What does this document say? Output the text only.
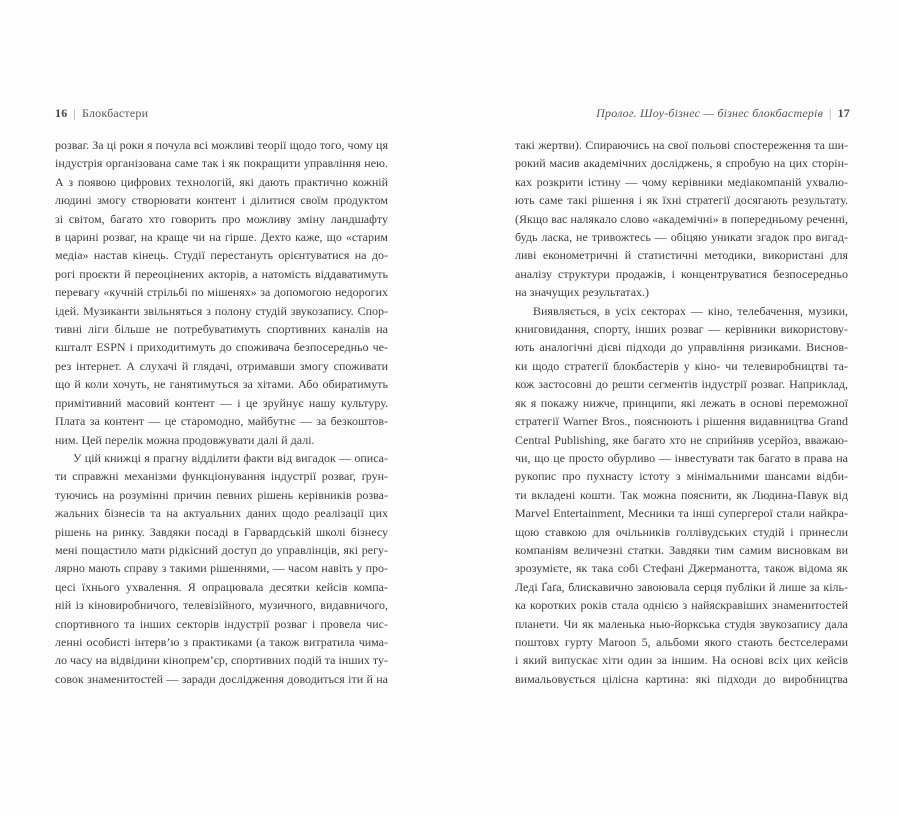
16 | Блокбастери	Пролог. Шоу-бізнес — бізнес блокбастерів | 17
розваг. За ці роки я почула всі можливі теорії щодо того, чому ця
індустрія організована саме так і як покращити управління нею.
А з появою цифрових технологій, які дають практично кожній
людині змогу створювати контент і ділитися своїм продуктом
зі світом, багато хто говорить про можливу зміну ландшафту
в царині розваг, на краще чи на гірше. Дехто каже, що «старим
медіа» настав кінець. Студії перестануть орієнтуватися на до-
рогі проєкти й переоцінених акторів, а натомість віддаватимуть
перевагу «кучній стрільбі по мішенях» за допомогою недорогих
ідей. Музиканти звільняться з полону студій звукозапису. Спор-
тивні ліги більше не потребуватимуть спортивних каналів на
кшталт ESPN і приходитимуть до споживача безпосередньо че-
рез інтернет. А слухачі й глядачі, отримавши змогу споживати
що й коли хочуть, не ганятимуться за хітами. Або обиратимуть
примітивний масовий контент — і це зруйнує нашу культуру.
Плата за контент — це старомодно, майбутнє — за безкоштов-
ним. Цей перелік можна продовжувати далі й далі.
У цій книжці я прагну відділити факти від вигадок — описа-
ти справжні механізми функціонування індустрії розваг, ґрун-
туючись на розумінні причин певних рішень керівників розва-
жальних бізнесів та на актуальних даних щодо реалізації цих
рішень на ринку. Завдяки посаді в Гарвардській школі бізнесу
мені пощастило мати рідкісний доступ до управлінців, які регу-
лярно мають справу з такими рішеннями, — часом навіть у про-
цесі їхнього ухвалення. Я опрацювала десятки кейсів компа-
ній із кіновиробничого, телевізійного, музичного, видавничого,
спортивного та інших секторів індустрії розваг і провела чис-
ленні особисті інтерв’ю з практиками (а також витратила чима-
ло часу на відвідини кінопрем’єр, спортивних подій та інших ту-
совок знаменитостей — заради дослідження доводиться іти й на
такі жертви). Спираючись на свої польові спостереження та ши-
рокий масив академічних досліджень, я спробую на цих сторін-
ках розкрити істину — чому керівники медіакомпаній ухвалю-
ють саме такі рішення і як їхні стратегії досягають результату.
(Якщо вас налякало слово «академічні» в попередньому реченні,
будь ласка, не тривожтесь — обіцяю уникати згадок про вигад-
ливі економетричні й статистичні методики, використані для
аналізу структури продажів, і концентруватися безпосередньо
на значущих результатах.)
Виявляється, в усіх секторах — кіно, телебачення, музики,
книговидання, спорту, інших розваг — керівники використову-
ють аналогічні дієві підходи до управління ризиками. Виснов-
ки щодо стратегії блокбастерів у кіно- чи телевиробництві та-
кож застосовні до решти сегментів індустрії розваг. Наприклад,
як я покажу нижче, принципи, які лежать в основі переможної
стратегії Warner Bros., пояснюють і рішення видавництва Grand
Central Publishing, яке багато хто не сприйняв усерйоз, вважаю-
чи, що це просто обурливо — інвестувати так багато в права на
рукопис про пухнасту істоту з мінімальними шансами відби-
ти вкладені кошти. Так можна пояснити, як Людина-Павук від
Marvel Entertainment, Месники та інші супергерої стали найкра-
щою ставкою для очільників голлівудських студій і принесли
компаніям величезні статки. Завдяки тим самим висновкам ви
зрозумієте, як така собі Стефані Джерманотта, також відома як
Леді Ґаґа, блискавично завоювала серця публіки й лише за кіль-
ка коротких років стала однією з найяскравіших знаменитостей
планети. Чи як маленька нью-йоркська студія звукозапису дала
поштовх гурту Maroon 5, альбоми якого стають бестселерами
і який випускає хіти один за іншим. На основі всіх цих кейсів
вимальовується цілісна картина: які підходи до виробництва
